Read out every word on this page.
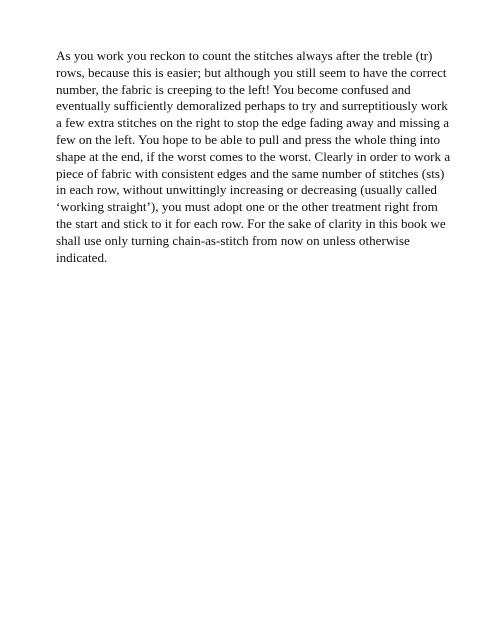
As you work you reckon to count the stitches always after the treble (tr)
rows, because this is easier; but although you still seem to have the correct
number, the fabric is creeping to the left! You become confused and
eventually sufficiently demoralized perhaps to try and surreptitiously work
a few extra stitches on the right to stop the edge fading away and missing a
few on the left. You hope to be able to pull and press the whole thing into
shape at the end, if the worst comes to the worst. Clearly in order to work a
piece of fabric with consistent edges and the same number of stitches (sts)
in each row, without unwittingly increasing or decreasing (usually called
‘working straight’), you must adopt one or the other treatment right from
the start and stick to it for each row. For the sake of clarity in this book we
shall use only turning chain-as-stitch from now on unless otherwise
indicated.
